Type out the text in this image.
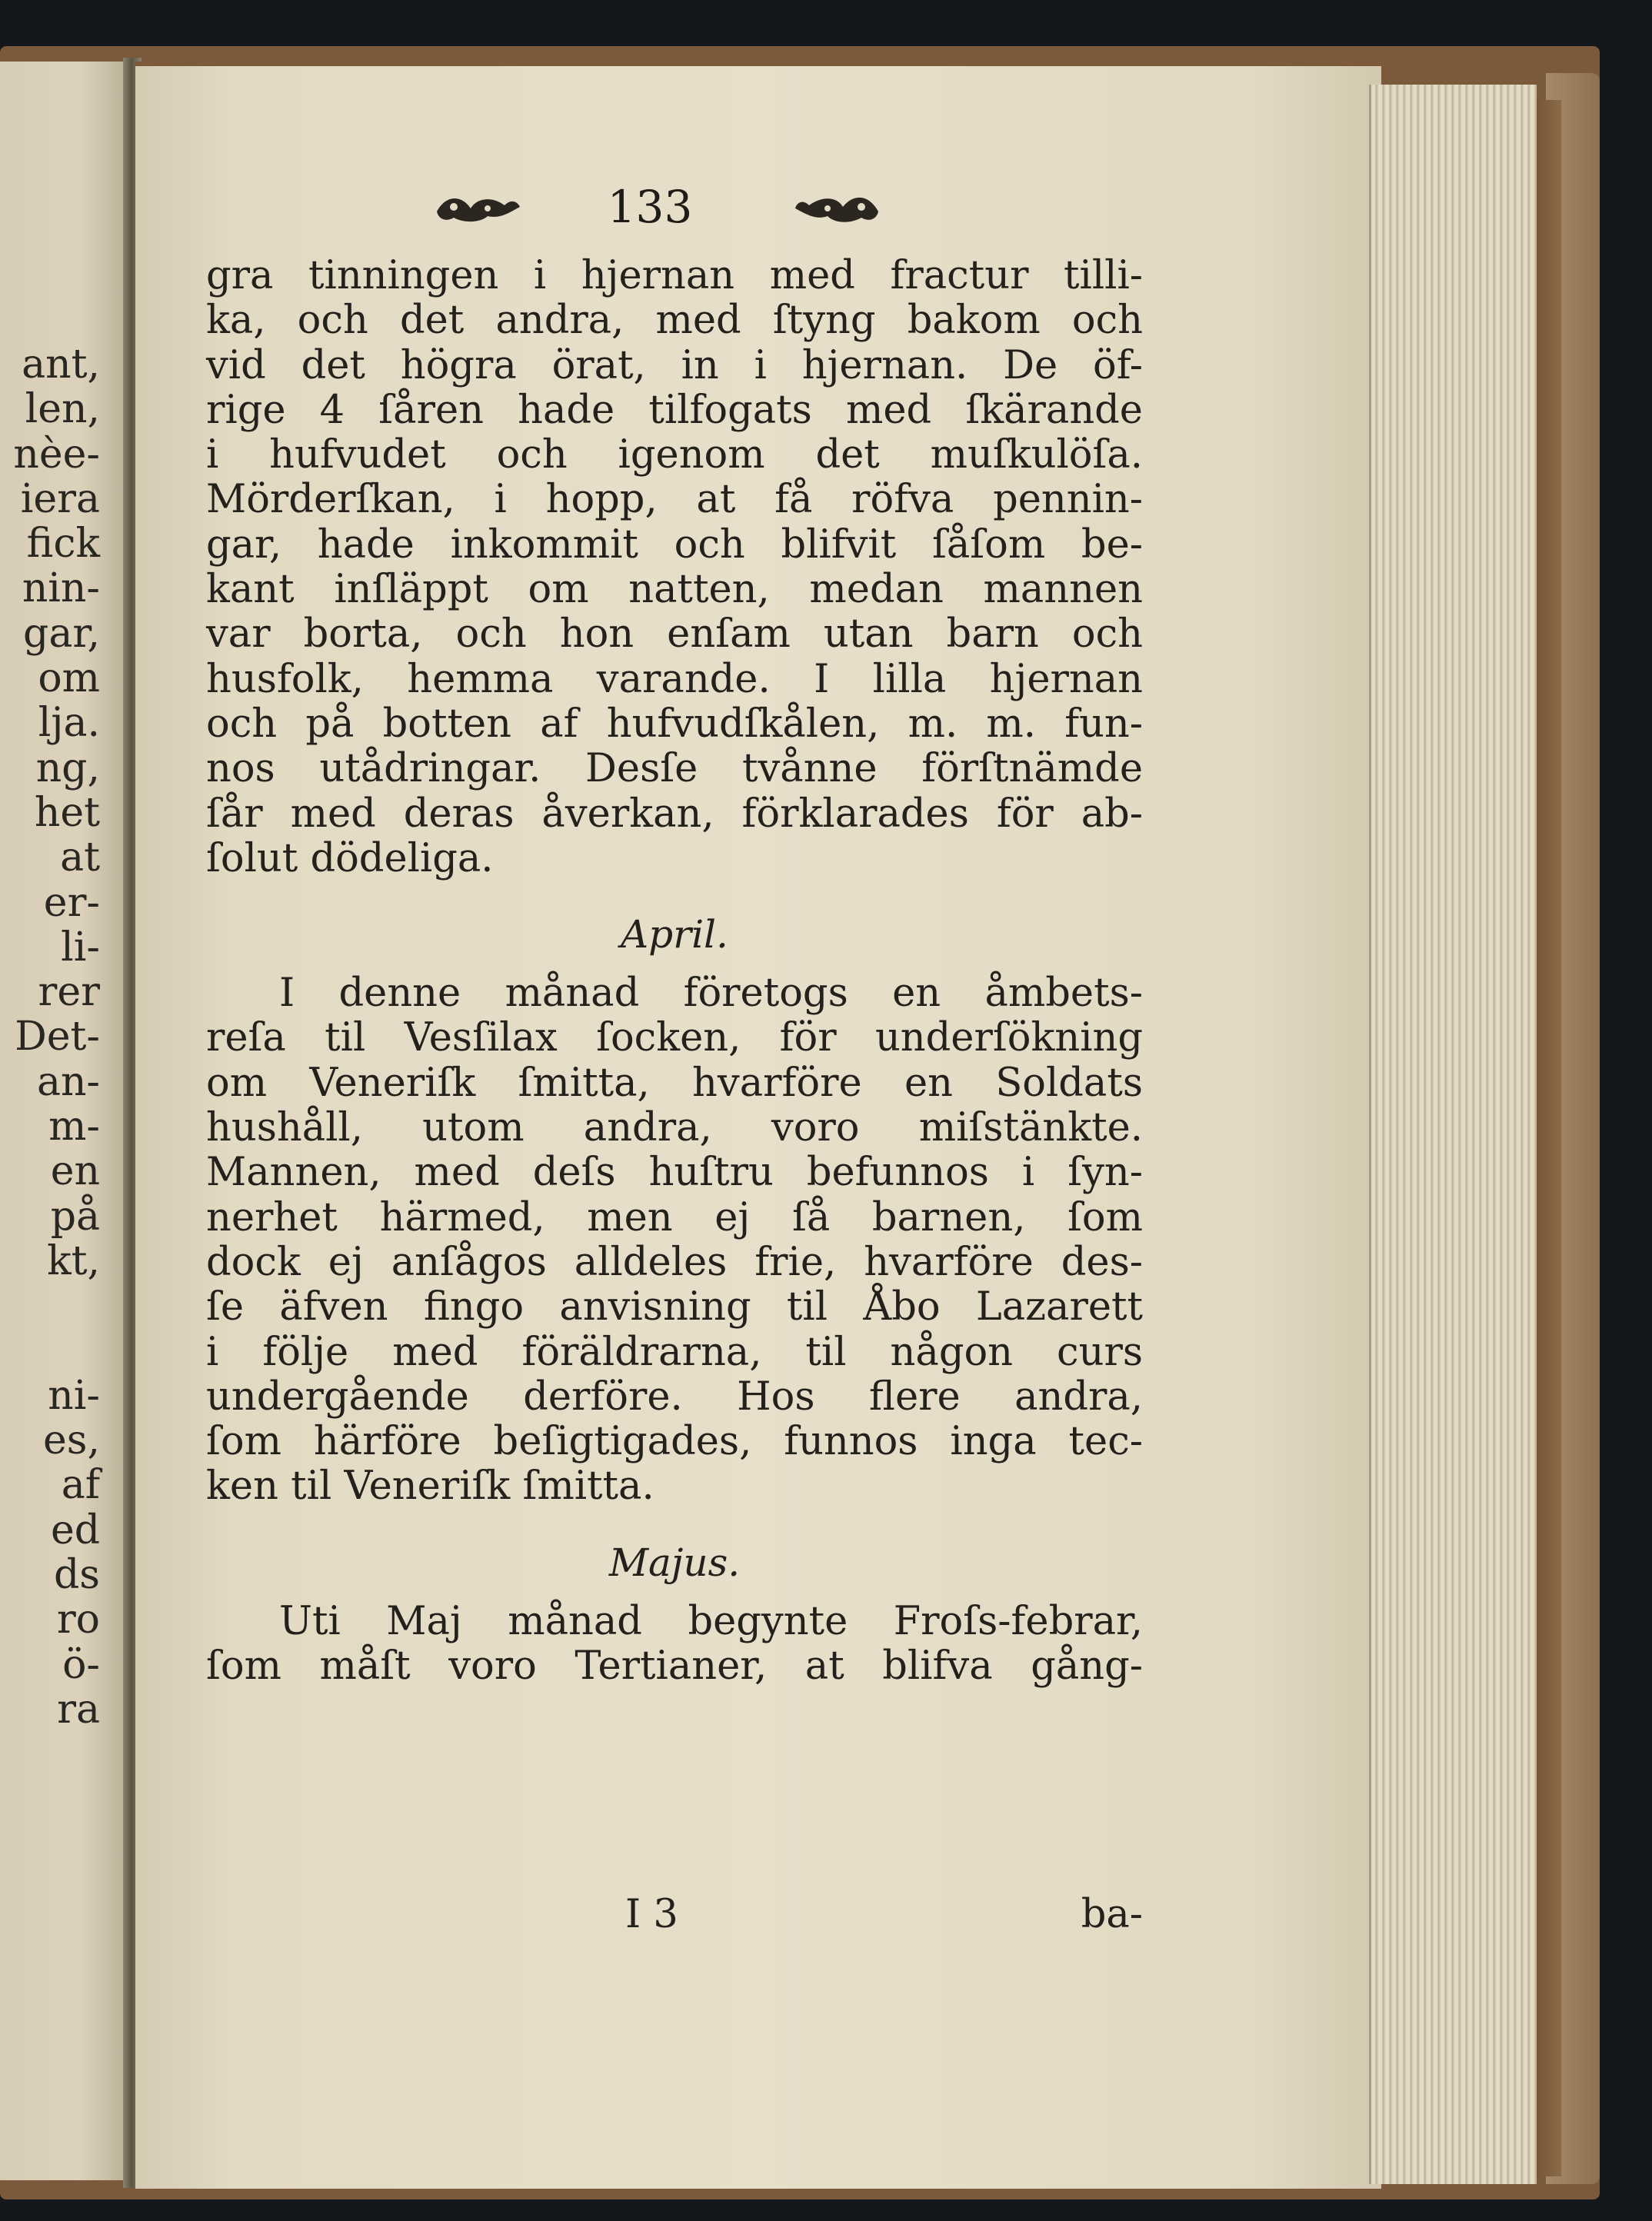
ant,
len,
nèe-
iera
fick
nin-
gar,
om
lja.
ng,
het
at
er-
li-
rer
Det-
an-
m-
en
på
kt,
ni-
es,
af
ed
ds
ro
ö-
ra
133
gra tinningen i hjernan med fractur tilli-
ka, och det andra, med ſtyng bakom och
vid det högra örat, in i hjernan. De öf-
rige 4 ſåren hade tilfogats med ſkärande
i hufvudet och igenom det muſkulöſa.
Mörderſkan, i hopp, at få röfva pennin-
gar, hade inkommit och blifvit ſåſom be-
kant inſläppt om natten, medan mannen
var borta, och hon enſam utan barn och
husfolk, hemma varande. I lilla hjernan
och på botten af hufvudſkålen, m. m. fun-
nos utådringar. Desſe tvånne förſtnämde
ſår med deras åverkan, förklarades för ab-
ſolut dödeliga.
April.
I denne månad företogs en åmbets-
reſa til Vesſilax ſocken, för underſökning
om Veneriſk ſmitta, hvarföre en Soldats
hushåll, utom andra, voro miſstänkte.
Mannen, med deſs huſtru befunnos i ſyn-
nerhet härmed, men ej ſå barnen, ſom
dock ej anſågos alldeles frie, hvarföre des-
ſe äfven fingo anvisning til Åbo Lazarett
i följe med föräldrarna, til någon curs
undergående derföre. Hos flere andra,
ſom härföre beſigtigades, funnos inga tec-
ken til Veneriſk ſmitta.
Majus.
Uti Maj månad begynte Froſs-febrar,
ſom måſt voro Tertianer, at blifva gång-
I 3	ba-
